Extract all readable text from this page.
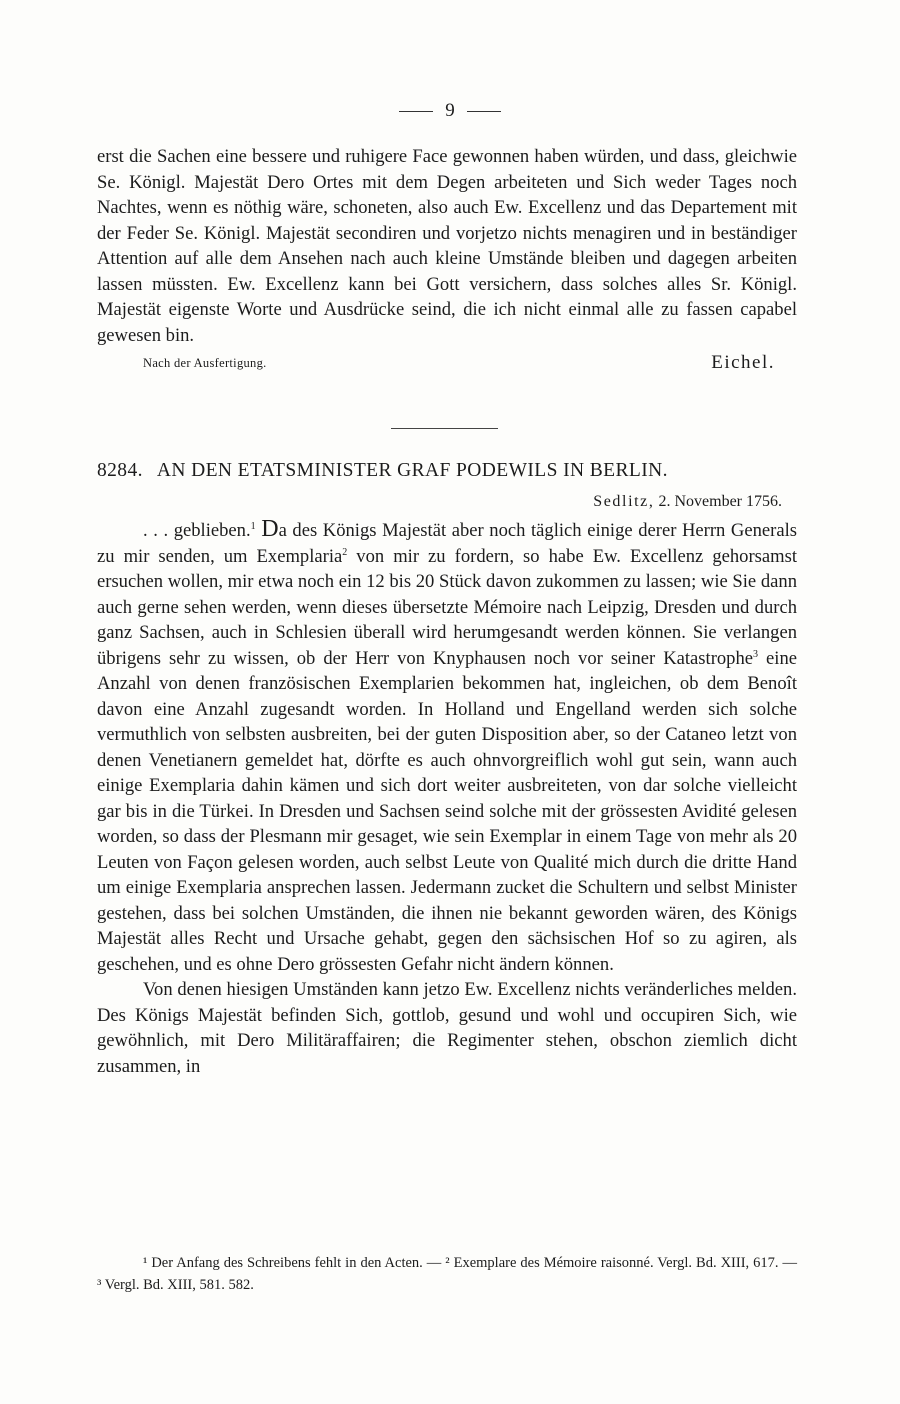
9

erst die Sachen eine bessere und ruhigere Face gewonnen haben würden, und dass, gleichwie Se. Königl. Majestät Dero Ortes mit dem Degen arbeiteten und Sich weder Tages noch Nachtes, wenn es nöthig wäre, schoneten, also auch Ew. Excellenz und das Departement mit der Feder Se. Königl. Majestät secondiren und vorjetzo nichts menagiren und in beständiger Attention auf alle dem Ansehen nach auch kleine Umstände bleiben und dagegen arbeiten lassen müssten. Ew. Excellenz kann bei Gott versichern, dass solches alles Sr. Königl. Majestät eigenste Worte und Ausdrücke seind, die ich nicht einmal alle zu fassen capabel gewesen bin.

Nach der Ausfertigung.	Eichel.
8284. AN DEN ETATSMINISTER GRAF PODEWILS IN BERLIN.
Sedlitz, 2. November 1756.

. . . geblieben.$^1$ Da des Königs Majestät aber noch täglich einige derer Herrn Generals zu mir senden, um Exemplaria$^2$ von mir zu fordern, so habe Ew. Excellenz gehorsamst ersuchen wollen, mir etwa noch ein 12 bis 20 Stück davon zukommen zu lassen; wie Sie dann auch gerne sehen werden, wenn dieses übersetzte Mémoire nach Leipzig, Dresden und durch ganz Sachsen, auch in Schlesien überall wird herumgesandt werden können. Sie verlangen übrigens sehr zu wissen, ob der Herr von Knyphausen noch vor seiner Katastrophe$^3$ eine Anzahl von denen französischen Exemplarien bekommen hat, ingleichen, ob dem Benoît davon eine Anzahl zugesandt worden. In Holland und Engelland werden sich solche vermuthlich von selbsten ausbreiten, bei der guten Disposition aber, so der Cataneo letzt von denen Venetianern gemeldet hat, dörfte es auch ohnvorgreiflich wohl gut sein, wann auch einige Exemplaria dahin kämen und sich dort weiter ausbreiteten, von dar solche vielleicht gar bis in die Türkei. In Dresden und Sachsen seind solche mit der grössesten Avidité gelesen worden, so dass der Plesmann mir gesaget, wie sein Exemplar in einem Tage von mehr als 20 Leuten von Façon gelesen worden, auch selbst Leute von Qualité mich durch die dritte Hand um einige Exemplaria ansprechen lassen. Jedermann zucket die Schultern und selbst Minister gestehen, dass bei solchen Umständen, die ihnen nie bekannt geworden wären, des Königs Majestät alles Recht und Ursache gehabt, gegen den sächsischen Hof so zu agiren, als geschehen, und es ohne Dero grössesten Gefahr nicht ändern können.

Von denen hiesigen Umständen kann jetzo Ew. Excellenz nichts veränderliches melden. Des Königs Majestät befinden Sich, gottlob, gesund und wohl und occupiren Sich, wie gewöhnlich, mit Dero Militäraffairen; die Regimenter stehen, obschon ziemlich dicht zusammen, in

¹ Der Anfang des Schreibens fehlt in den Acten. — ² Exemplare des Mémoire raisonné. Vergl. Bd. XIII, 617. — ³ Vergl. Bd. XIII, 581. 582.
